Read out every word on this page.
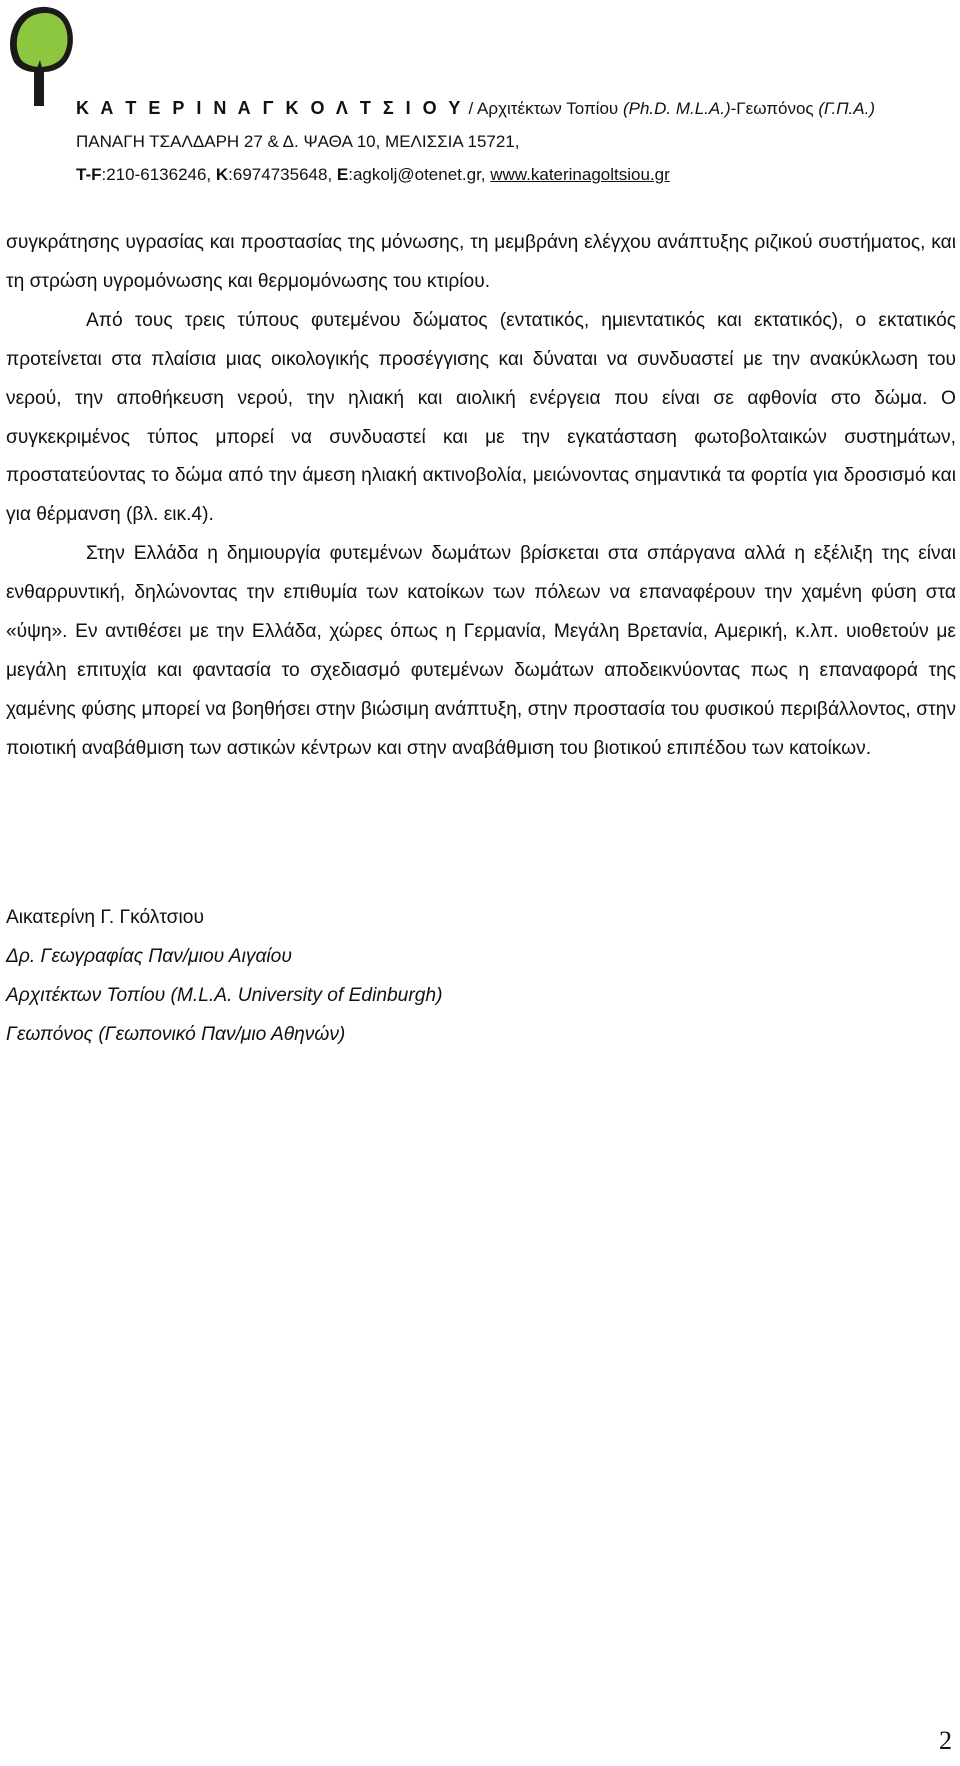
Κ Α Τ Ε Ρ Ι Ν Α Γ Κ Ο Λ Τ Σ Ι Ο Υ / Αρχιτέκτων Τοπίου (Ph.D. M.L.A.)-Γεωπόνος (Γ.Π.Α.)
ΠΑΝΑΓΗ ΤΣΑΛΔΑΡΗ 27 & Δ. ΨΑΘΑ 10, ΜΕΛΙΣΣΙΑ 15721,
T-F:210-6136246, K:6974735648, E:agkolj@otenet.gr, www.katerinagoltsiou.gr

συγκράτησης υγρασίας και προστασίας της μόνωσης, τη μεμβράνη ελέγχου ανάπτυξης ριζικού συστήματος, και τη στρώση υγρομόνωσης και θερμομόνωσης του κτιρίου.

Από τους τρεις τύπους φυτεμένου δώματος (εντατικός, ημιεντατικός και εκτατικός), ο εκτατικός προτείνεται στα πλαίσια μιας οικολογικής προσέγγισης και δύναται να συνδυαστεί με την ανακύκλωση του νερού, την αποθήκευση νερού, την ηλιακή και αιολική ενέργεια που είναι σε αφθονία στο δώμα. Ο συγκεκριμένος τύπος μπορεί να συνδυαστεί και με την εγκατάσταση φωτοβολταικών συστημάτων, προστατεύοντας το δώμα από την άμεση ηλιακή ακτινοβολία, μειώνοντας σημαντικά τα φορτία για δροσισμό και για θέρμανση (βλ. εικ.4).

Στην Ελλάδα η δημιουργία φυτεμένων δωμάτων βρίσκεται στα σπάργανα αλλά η εξέλιξη της είναι ενθαρρυντική, δηλώνοντας την επιθυμία των κατοίκων των πόλεων να επαναφέρουν την χαμένη φύση στα «ύψη». Εν αντιθέσει με την Ελλάδα, χώρες όπως η Γερμανία, Μεγάλη Βρετανία, Αμερική, κ.λπ. υιοθετούν με μεγάλη επιτυχία και φαντασία το σχεδιασμό φυτεμένων δωμάτων αποδεικνύοντας πως η επαναφορά της χαμένης φύσης μπορεί να βοηθήσει στην βιώσιμη ανάπτυξη, στην προστασία του φυσικού περιβάλλοντος, στην ποιοτική αναβάθμιση των αστικών κέντρων και στην αναβάθμιση του βιοτικού επιπέδου των κατοίκων.

Αικατερίνη Γ. Γκόλτσιου
Δρ. Γεωγραφίας Παν/μιου Αιγαίου
Αρχιτέκτων Τοπίου (M.L.A. University of Edinburgh)
Γεωπόνος (Γεωπονικό Παν/μιο Αθηνών)
2
